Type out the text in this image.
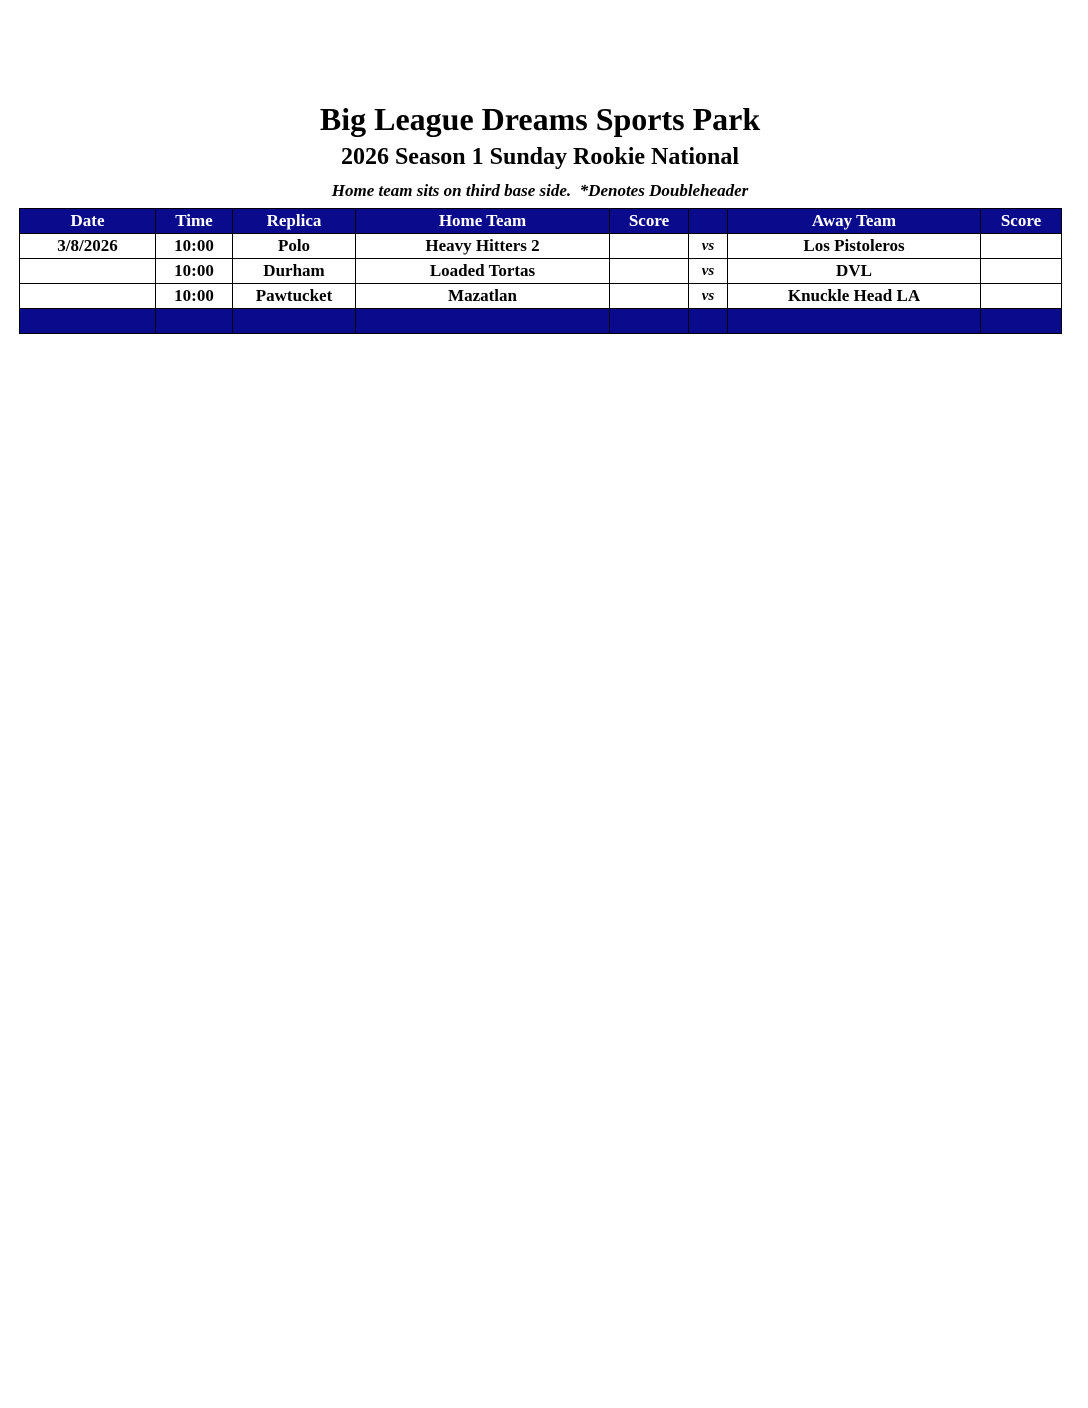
Big League Dreams Sports Park
2026 Season 1 Sunday Rookie National
Home team sits on third base side.  *Denotes Doubleheader
Date	Time	Replica	Home Team	Score		Away Team	Score
3/8/2026	10:00	Polo	Heavy Hitters 2		vs	Los Pistoleros	
	10:00	Durham	Loaded Tortas		vs	DVL	
	10:00	Pawtucket	Mazatlan		vs	Knuckle Head LA	
